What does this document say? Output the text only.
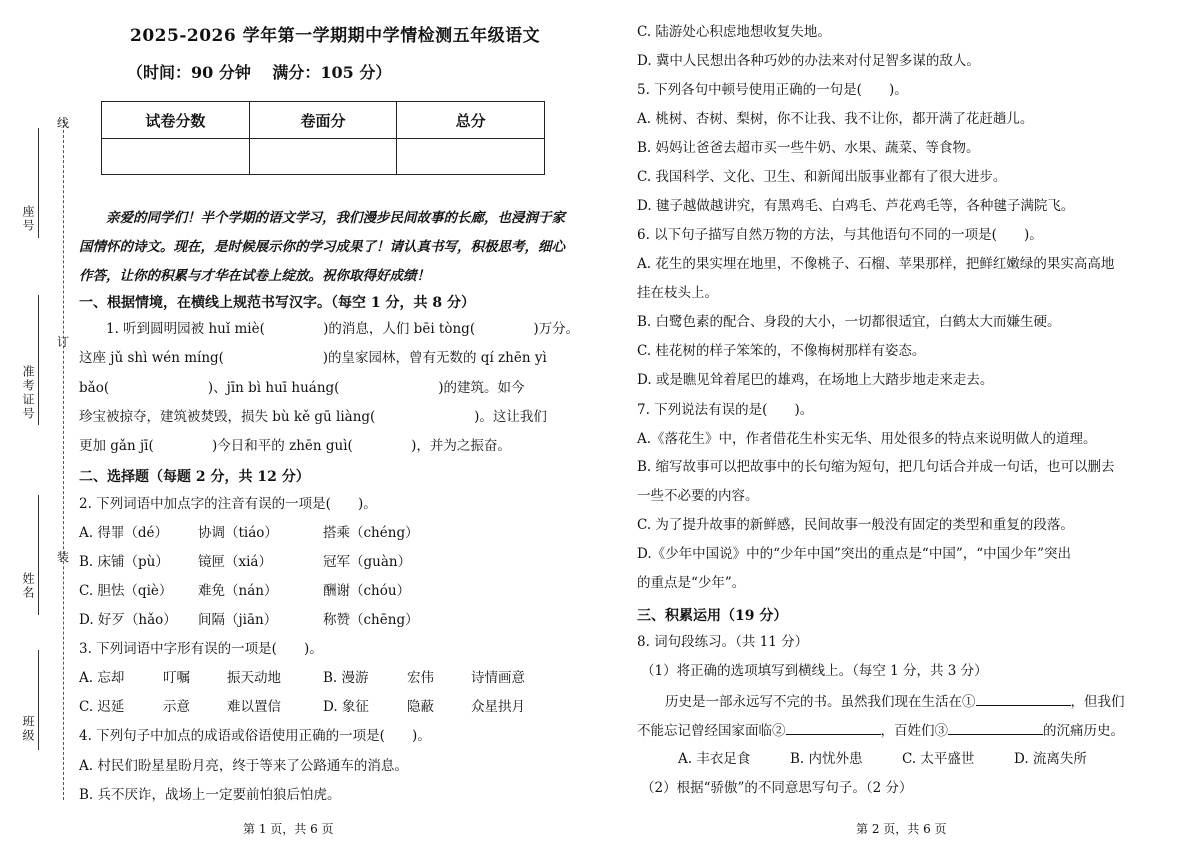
座号
准考证号
姓名
班级
线
订
装
2025-2026 学年第一学期期中学情检测五年级语文
（时间：90 分钟　 满分：105 分）
试卷分数	卷面分	总分

亲爱的同学们！半个学期的语文学习，我们漫步民间故事的长廊，也浸润于家
国情怀的诗文。现在，是时候展示你的学习成果了！请认真书写，积极思考，细心
作答，让你的积累与才华在试卷上绽放。祝你取得好成绩！
一、根据情境，在横线上规范书写汉字。（每空 1 分，共 8 分）
1. 听到圆明园被 huǐ miè(　　　　 )的消息，人们 bēi tòng(　　　　 )万分。
这座 jǔ shì wén míng(　　　　　　　 )的皇家园林，曾有无数的 qí zhēn yì
bǎo(　　　　　　　 )、jīn bì huī huáng(　　　　　　　 )的建筑。如今
珍宝被掠夺，建筑被焚毁，损失 bù kě gū liàng(　　　　　　　 )。这让我们
更加 gǎn jī(　　　　 )今日和平的 zhēn guì(　　　　 )，并为之振奋。
二、选择题（每题 2 分，共 12 分）
2. 下列词语中加点字的注音有误的一项是(　　)。
A. 得罪（dé） 协调（tiáo）	搭乘（chéng）
B. 床铺（pù） 镜匣（xiá）	冠军（guàn）
C. 胆怯（qiè） 难免（nán）	酬谢（chóu）
D. 好歹（hǎo） 间隔（jiān）	称赞（chēng）
3. 下列词语中字形有误的一项是(　　)。
A. 忘却	叮嘱	振天动地	B. 漫游	宏伟	诗情画意
C. 迟延	示意	难以置信	D. 象征	隐蔽	众星拱月
4. 下列句子中加点的成语或俗语使用正确的一项是(　　)。
A. 村民们盼星星盼月亮，终于等来了公路通车的消息。
B. 兵不厌诈，战场上一定要前怕狼后怕虎。
第 1 页，共 6 页
C. 陆游处心积虑地想收复失地。
D. 冀中人民想出各种巧妙的办法来对付足智多谋的敌人。
5. 下列各句中顿号使用正确的一句是(　　)。
A. 桃树、杏树、梨树，你不让我、我不让你，都开满了花赶趟儿。
B. 妈妈让爸爸去超市买一些牛奶、水果、蔬菜、等食物。
C. 我国科学、文化、卫生、和新闻出版事业都有了很大进步。
D. 毽子越做越讲究，有黑鸡毛、白鸡毛、芦花鸡毛等，各种毽子满院飞。
6. 以下句子描写自然万物的方法，与其他语句不同的一项是(　　)。
A. 花生的果实埋在地里，不像桃子、石榴、苹果那样，把鲜红嫩绿的果实高高地
挂在枝头上。
B. 白鹭色素的配合、身段的大小，一切都很适宜，白鹤太大而嫌生硬。
C. 桂花树的样子笨笨的，不像梅树那样有姿态。
D. 或是瞧见耸着尾巴的雄鸡，在场地上大踏步地走来走去。
7. 下列说法有误的是(　　)。
A.《落花生》中，作者借花生朴实无华、用处很多的特点来说明做人的道理。
B. 缩写故事可以把故事中的长句缩为短句，把几句话合并成一句话，也可以删去
一些不必要的内容。
C. 为了提升故事的新鲜感，民间故事一般没有固定的类型和重复的段落。
D.《少年中国说》中的“少年中国”突出的重点是“中国”，“中国少年”突出
的重点是“少年”。
三、积累运用（19 分）
8. 词句段练习。（共 11 分）
（1）将正确的选项填写到横线上。（每空 1 分，共 3 分）
历史是一部永远写不完的书。虽然我们现在生活在①	，但我们
不能忘记曾经国家面临②	，百姓们③	的沉痛历史。
A. 丰衣足食	B. 内忧外患	C. 太平盛世	D. 流离失所
（2）根据“骄傲”的不同意思写句子。（2 分）
第 2 页，共 6 页
